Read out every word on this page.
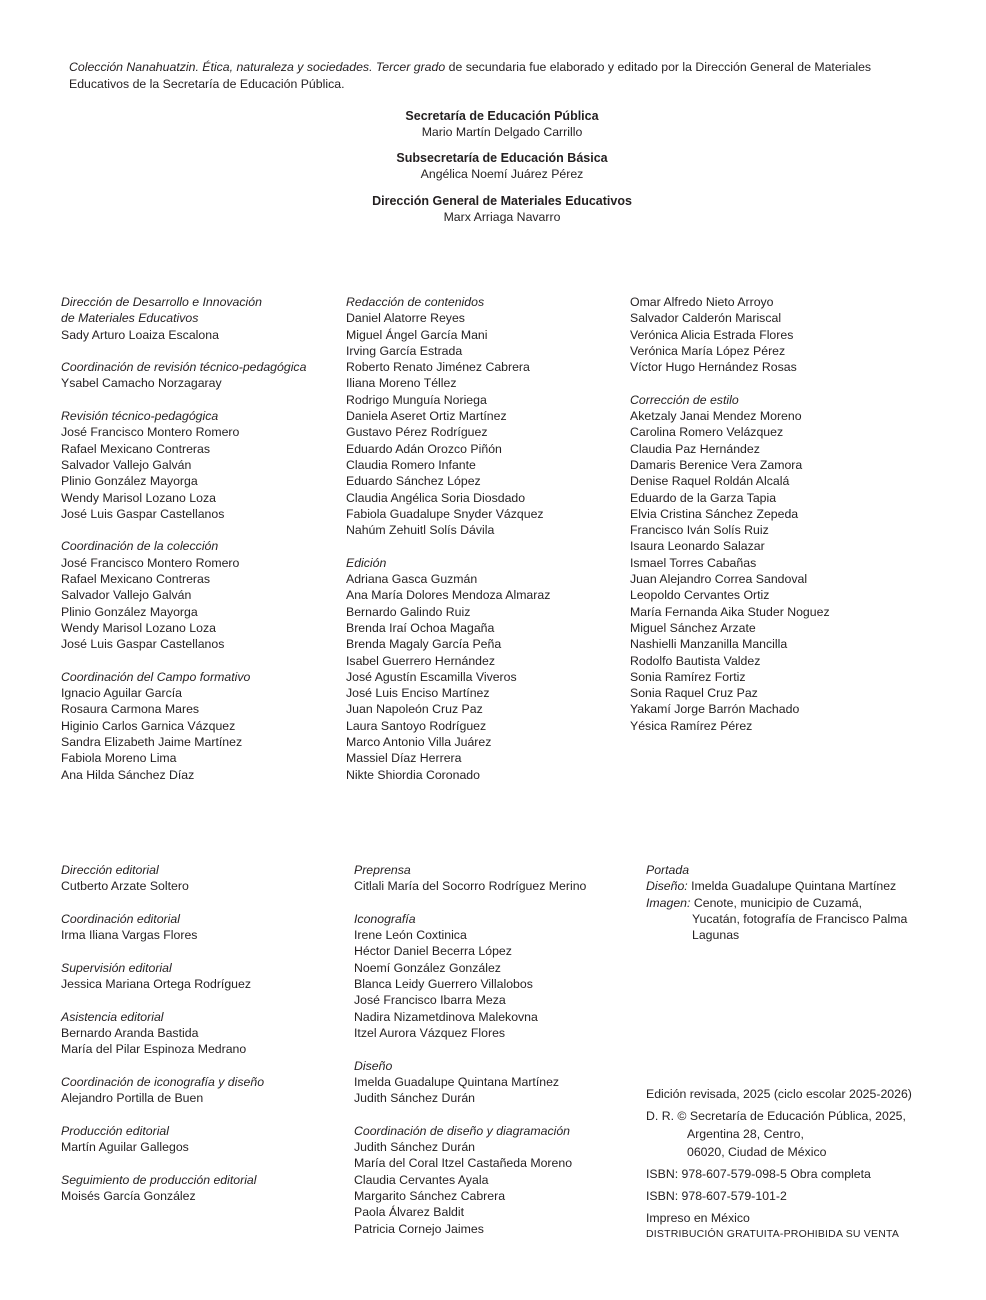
Colección Nanahuatzin. Ética, naturaleza y sociedades. Tercer grado de secundaria fue elaborado y editado por la Dirección General de Materiales Educativos de la Secretaría de Educación Pública.
Secretaría de Educación Pública
Mario Martín Delgado Carrillo
Subsecretaría de Educación Básica
Angélica Noemí Juárez Pérez
Dirección General de Materiales Educativos
Marx Arriaga Navarro
Dirección de Desarrollo e Innovación
de Materiales Educativos
Sady Arturo Loaiza Escalona
Coordinación de revisión técnico-pedagógica
Ysabel Camacho Norzagaray
Revisión técnico-pedagógica
José Francisco Montero Romero
Rafael Mexicano Contreras
Salvador Vallejo Galván
Plinio González Mayorga
Wendy Marisol Lozano Loza
José Luis Gaspar Castellanos
Coordinación de la colección
José Francisco Montero Romero
Rafael Mexicano Contreras
Salvador Vallejo Galván
Plinio González Mayorga
Wendy Marisol Lozano Loza
José Luis Gaspar Castellanos
Coordinación del Campo formativo
Ignacio Aguilar García
Rosaura Carmona Mares
Higinio Carlos Garnica Vázquez
Sandra Elizabeth Jaime Martínez
Fabiola Moreno Lima
Ana Hilda Sánchez Díaz
Redacción de contenidos
Daniel Alatorre Reyes
Miguel Ángel García Mani
Irving García Estrada
Roberto Renato Jiménez Cabrera
Iliana Moreno Téllez
Rodrigo Munguía Noriega
Daniela Aseret Ortiz Martínez
Gustavo Pérez Rodríguez
Eduardo Adán Orozco Piñón
Claudia Romero Infante
Eduardo Sánchez López
Claudia Angélica Soria Diosdado
Fabiola Guadalupe Snyder Vázquez
Nahúm Zehuitl Solís Dávila
Edición
Adriana Gasca Guzmán
Ana María Dolores Mendoza Almaraz
Bernardo Galindo Ruiz
Brenda Iraí Ochoa Magaña
Brenda Magaly García Peña
Isabel Guerrero Hernández
José Agustín Escamilla Viveros
José Luis Enciso Martínez
Juan Napoleón Cruz Paz
Laura Santoyo Rodríguez
Marco Antonio Villa Juárez
Massiel Díaz Herrera
Nikte Shiordia Coronado
Omar Alfredo Nieto Arroyo
Salvador Calderón Mariscal
Verónica Alicia Estrada Flores
Verónica María López Pérez
Víctor Hugo Hernández Rosas
Corrección de estilo
Aketzaly Janai Mendez Moreno
Carolina Romero Velázquez
Claudia Paz Hernández
Damaris Berenice Vera Zamora
Denise Raquel Roldán Alcalá
Eduardo de la Garza Tapia
Elvia Cristina Sánchez Zepeda
Francisco Iván Solís Ruiz
Isaura Leonardo Salazar
Ismael Torres Cabañas
Juan Alejandro Correa Sandoval
Leopoldo Cervantes Ortiz
María Fernanda Aika Studer Noguez
Miguel Sánchez Arzate
Nashielli Manzanilla Mancilla
Rodolfo Bautista Valdez
Sonia Ramírez Fortiz
Sonia Raquel Cruz Paz
Yakamí Jorge Barrón Machado
Yésica Ramírez Pérez
Dirección editorial
Cutberto Arzate Soltero
Coordinación editorial
Irma Iliana Vargas Flores
Supervisión editorial
Jessica Mariana Ortega Rodríguez
Asistencia editorial
Bernardo Aranda Bastida
María del Pilar Espinoza Medrano
Coordinación de iconografía y diseño
Alejandro Portilla de Buen
Producción editorial
Martín Aguilar Gallegos
Seguimiento de producción editorial
Moisés García González
Preprensa
Citlali María del Socorro Rodríguez Merino
Iconografía
Irene León Coxtinica
Héctor Daniel Becerra López
Noemí González González
Blanca Leidy Guerrero Villalobos
José Francisco Ibarra Meza
Nadira Nizametdinova Malekovna
Itzel Aurora Vázquez Flores
Diseño
Imelda Guadalupe Quintana Martínez
Judith Sánchez Durán
Coordinación de diseño y diagramación
Judith Sánchez Durán
María del Coral Itzel Castañeda Moreno
Claudia Cervantes Ayala
Margarito Sánchez Cabrera
Paola Álvarez Baldit
Patricia Cornejo Jaimes
Portada
Diseño: Imelda Guadalupe Quintana Martínez
Imagen: Cenote, municipio de Cuzamá,
Yucatán, fotografía de Francisco Palma
Lagunas
Edición revisada, 2025 (ciclo escolar 2025-2026)
D. R. © Secretaría de Educación Pública, 2025,
Argentina 28, Centro,
06020, Ciudad de México
ISBN: 978-607-579-098-5 Obra completa
ISBN: 978-607-579-101-2
Impreso en México
DISTRIBUCIÓN GRATUITA-PROHIBIDA SU VENTA
